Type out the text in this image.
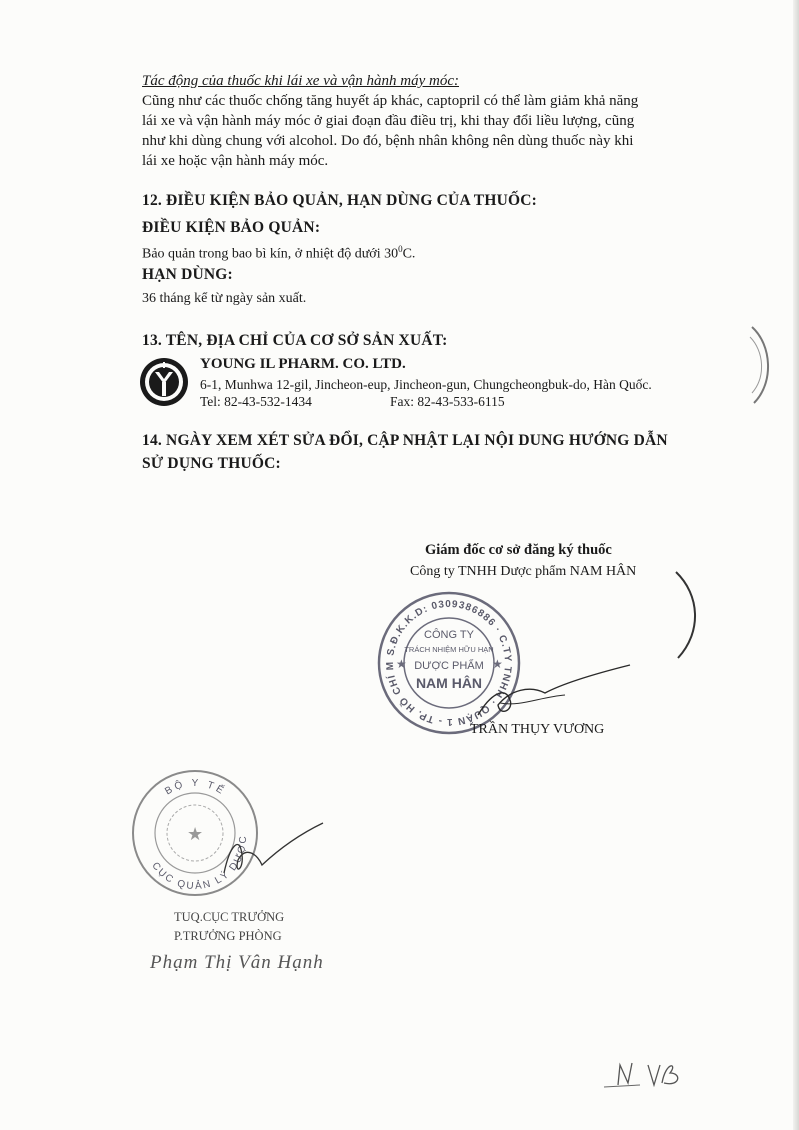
Tác động của thuốc khi lái xe và vận hành máy móc:
Cũng như các thuốc chống tăng huyết áp khác, captopril có thể làm giảm khả năng
lái xe và vận hành máy móc ở giai đoạn đầu điều trị, khi thay đổi liều lượng, cũng
như khi dùng chung với alcohol. Do đó, bệnh nhân không nên dùng thuốc này khi
lái xe hoặc vận hành máy móc.
12. ĐIỀU KIỆN BẢO QUẢN, HẠN DÙNG CỦA THUỐC:
ĐIỀU KIỆN BẢO QUẢN:
Bảo quản trong bao bì kín, ở nhiệt độ dưới $30^0C$.
HẠN DÙNG:
36 tháng kể từ ngày sản xuất.
13. TÊN, ĐỊA CHỈ CỦA CƠ SỞ SẢN XUẤT:
YOUNG IL PHARM. CO. LTD.
6-1, Munhwa 12-gil, Jincheon-eup, Jincheon-gun, Chungcheongbuk-do, Hàn Quốc.
Tel: 82-43-532-1434	Fax: 82-43-533-6115
14. NGÀY XEM XÉT SỬA ĐỔI, CẬP NHẬT LẠI NỘI DUNG HƯỚNG DẪN
SỬ DỤNG THUỐC:
Giám đốc cơ sở đăng ký thuốc
Công ty TNHH Dược phẩm NAM HÂN
S.Đ.K.K.D: 0309386886 · C.TY TNHH · QUẬN 1 - TP. HỒ CHÍ M
CÔNG TY
TRÁCH NHIỆM HỮU HẠN
DƯỢC PHẨM
NAM HÂN
★	★
TRẦN THỤY VƯƠNG
★
BỘ Y TẾ
CỤC QUẢN LÝ DƯỢC
TUQ.CỤC TRƯỞNG
P.TRƯỞNG PHÒNG
Phạm Thị Vân Hạnh
